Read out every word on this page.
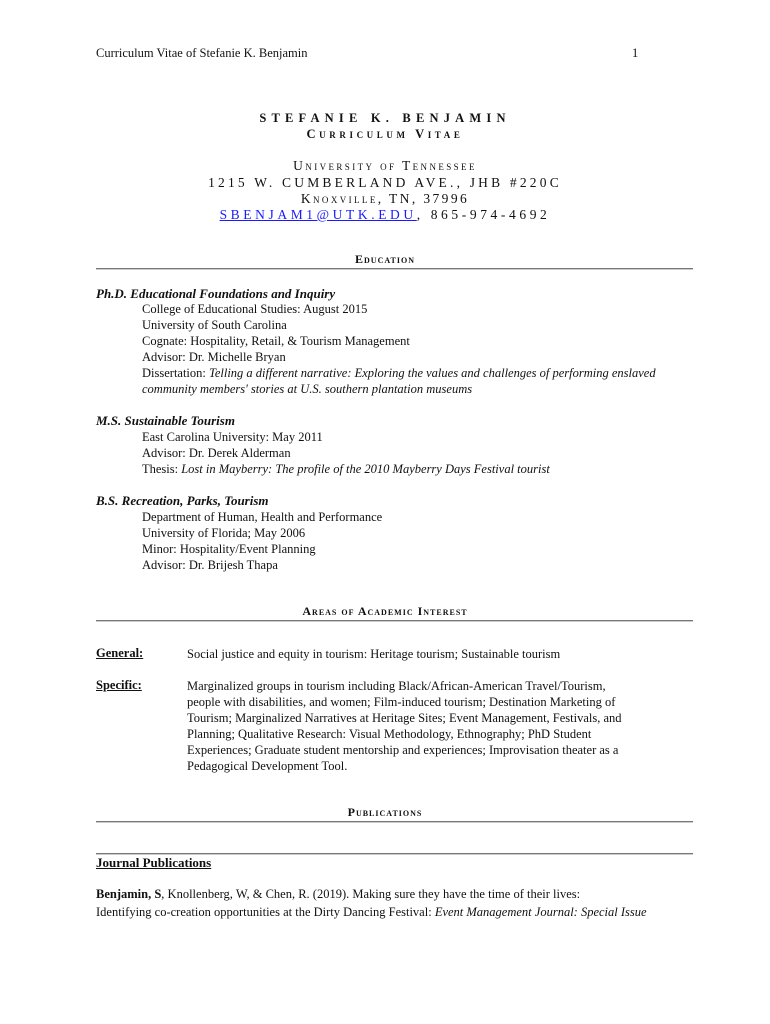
Curriculum Vitae of Stefanie K. Benjamin	1
STEFANIE K. BENJAMIN
Curriculum Vitae
University of Tennessee
1215 W. CUMBERLAND AVE., JHB #220C
Knoxville, TN, 37996
SBENJAM1@UTK.EDU, 865-974-4692
Education
Ph.D. Educational Foundations and Inquiry
College of Educational Studies: August 2015
University of South Carolina
Cognate: Hospitality, Retail, & Tourism Management
Advisor: Dr. Michelle Bryan
Dissertation: Telling a different narrative: Exploring the values and challenges of performing enslaved
community members' stories at U.S. southern plantation museums
M.S. Sustainable Tourism
East Carolina University: May 2011
Advisor: Dr. Derek Alderman
Thesis: Lost in Mayberry: The profile of the 2010 Mayberry Days Festival tourist
B.S. Recreation, Parks, Tourism
Department of Human, Health and Performance
University of Florida; May 2006
Minor: Hospitality/Event Planning
Advisor: Dr. Brijesh Thapa
Areas of Academic Interest
General:	Social justice and equity in tourism: Heritage tourism; Sustainable tourism
Specific:	Marginalized groups in tourism including Black/African-American Travel/Tourism,
people with disabilities, and women; Film-induced tourism; Destination Marketing of
Tourism; Marginalized Narratives at Heritage Sites; Event Management, Festivals, and
Planning; Qualitative Research: Visual Methodology, Ethnography; PhD Student
Experiences; Graduate student mentorship and experiences; Improvisation theater as a
Pedagogical Development Tool.
Publications
Journal Publications
Benjamin, S, Knollenberg, W, & Chen, R. (2019). Making sure they have the time of their lives:
Identifying co-creation opportunities at the Dirty Dancing Festival: Event Management Journal: Special Issue
